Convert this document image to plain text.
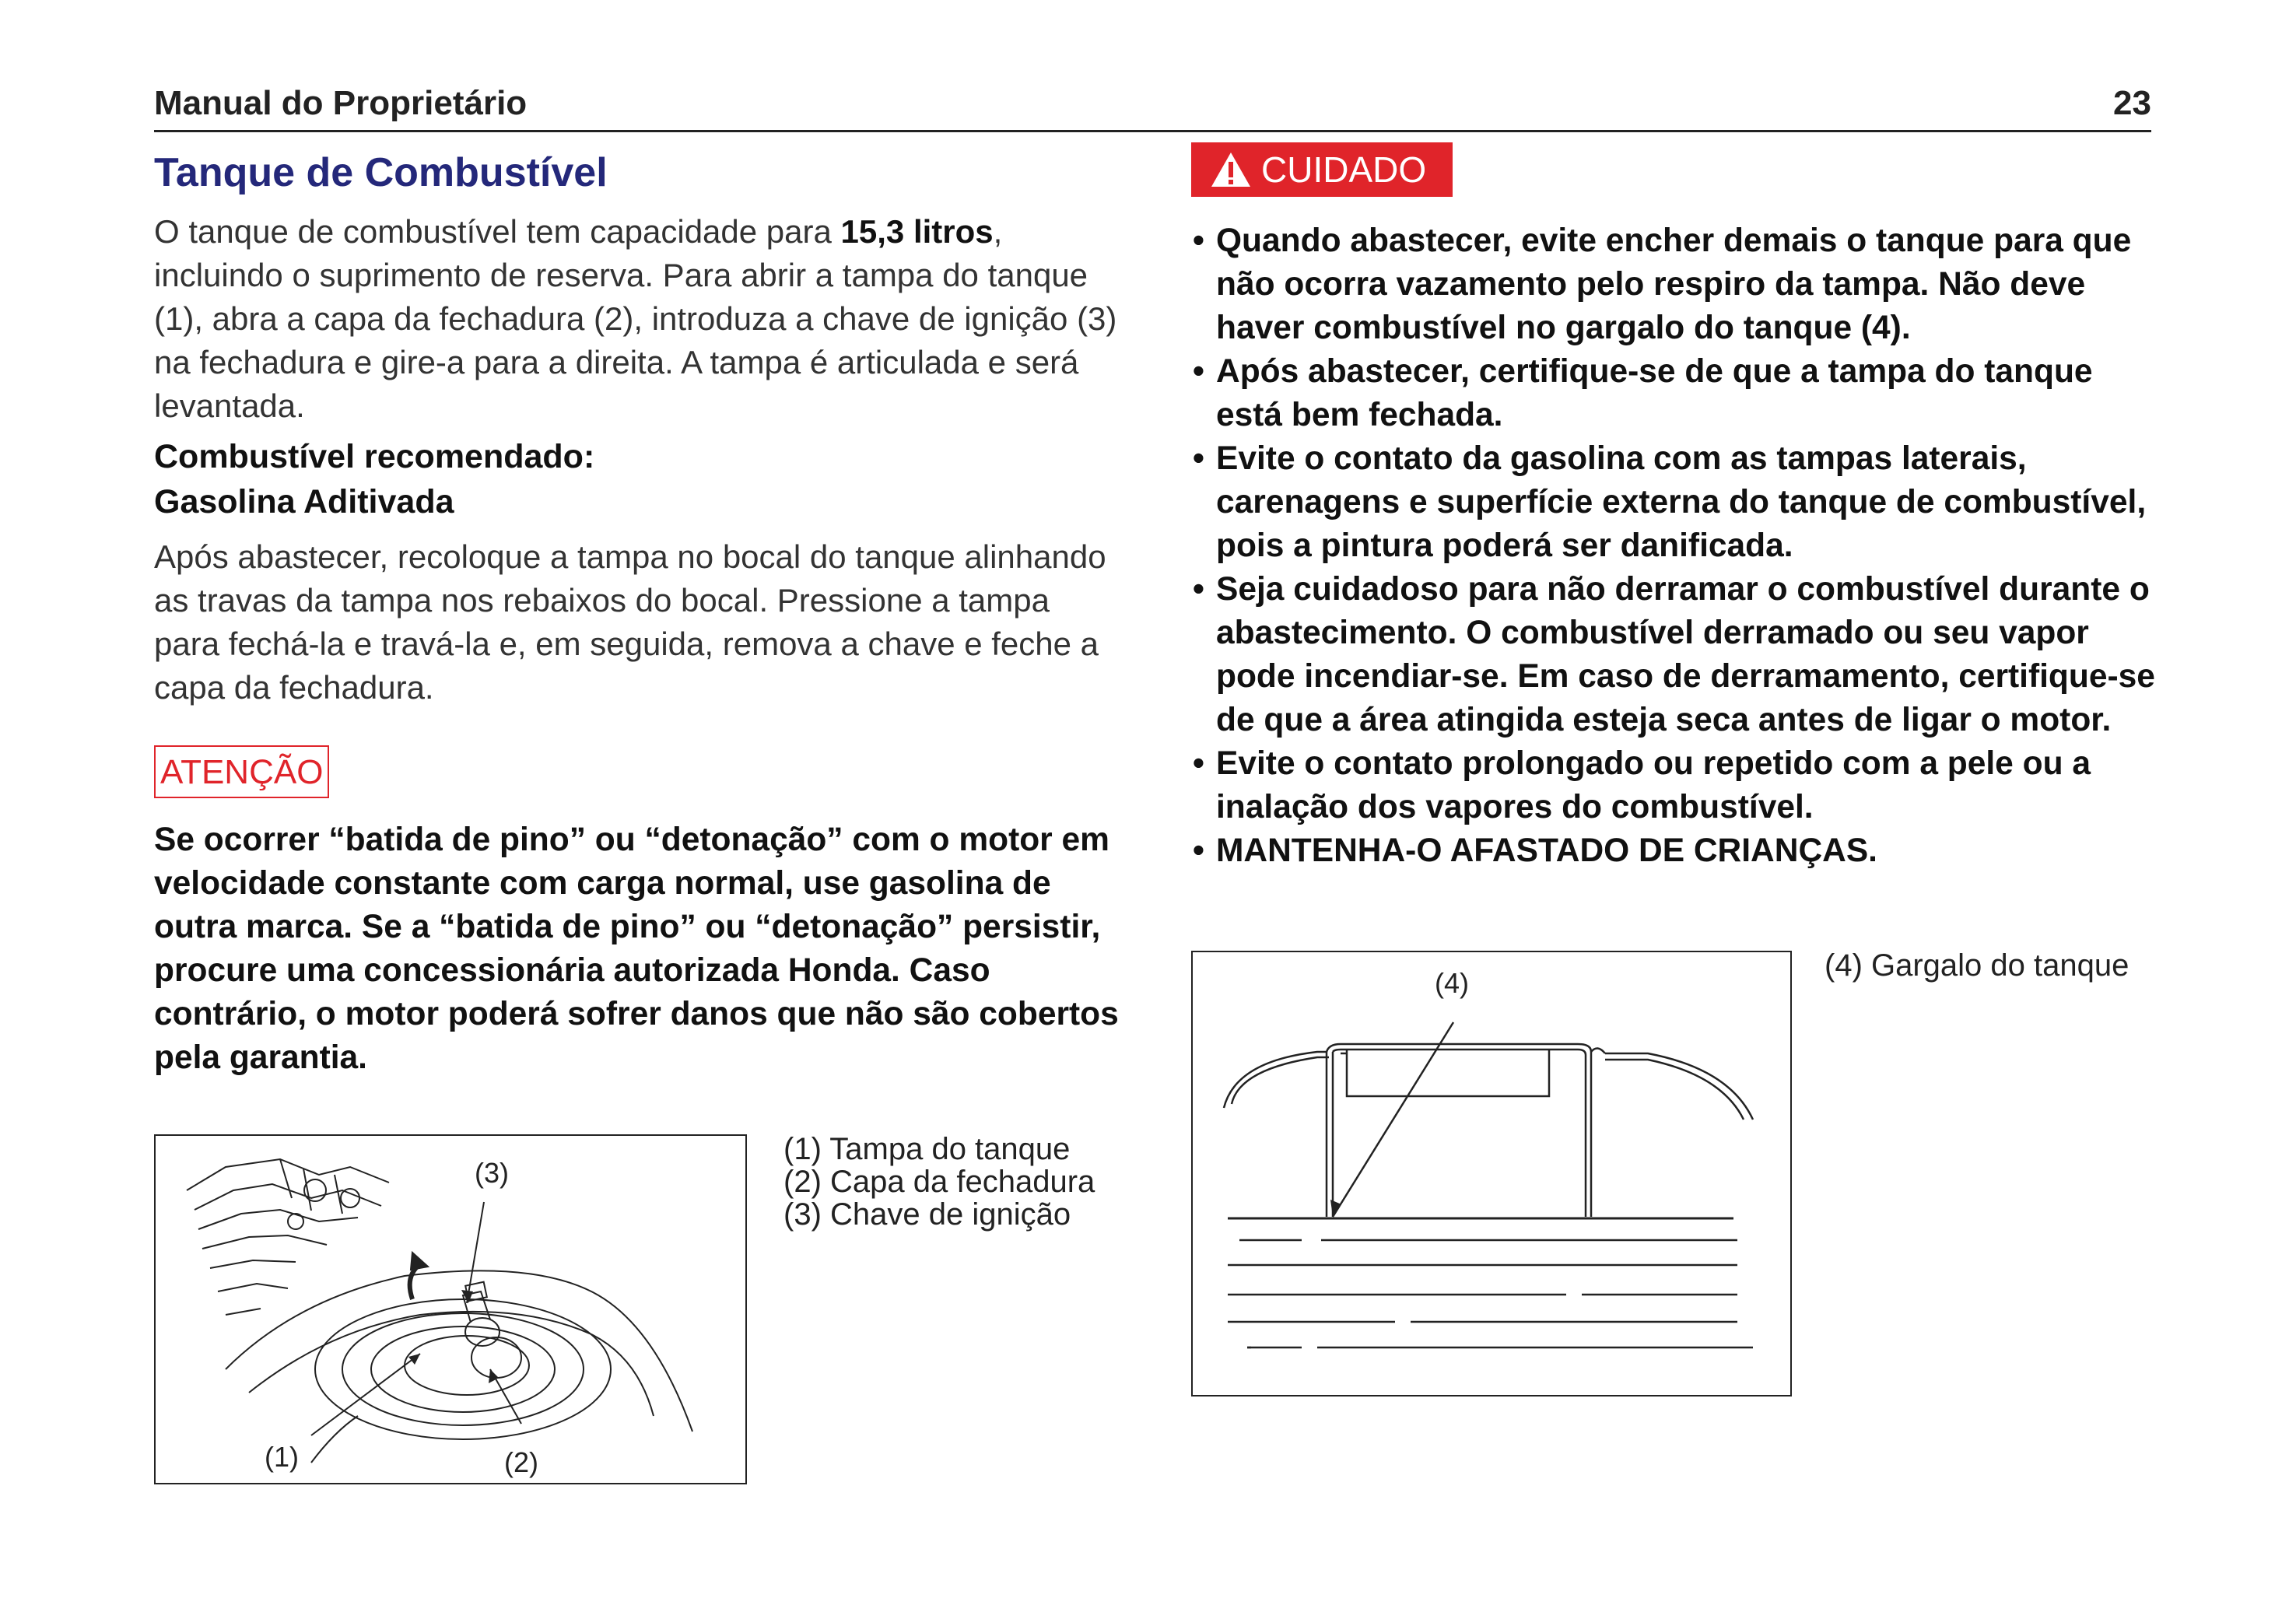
Manual do Proprietário	23
Tanque de Combustível
O tanque de combustível tem capacidade para 15,3 litros, incluindo o suprimento de reserva. Para abrir a tampa do tanque (1), abra a capa da fechadura (2), introduza a chave de ignição (3) na fechadura e gire-a para a direita. A tampa é articulada e será levantada.
Combustível recomendado:
Gasolina Aditivada
Após abastecer, recoloque a tampa no bocal do tanque alinhando as travas da tampa nos rebaixos do bocal. Pressione a tampa para fechá-la e travá-la e, em seguida, remova a chave e feche a capa da fechadura.
ATENÇÃO
Se ocorrer “batida de pino” ou “detonação” com o motor em velocidade constante com carga normal, use gasolina de outra marca. Se a “batida de pino” ou “detonação” persistir, procure uma concessionária autorizada Honda. Caso contrário, o motor poderá sofrer danos que não são cobertos pela garantia.
(3)
(1)	(2)
(1) Tampa do tanque
(2) Capa da fechadura
(3) Chave de ignição
CUIDADO
• Quando abastecer, evite encher demais o tanque para que não ocorra vazamento pelo respiro da tampa. Não deve haver combustível no gargalo do tanque (4).
• Após abastecer, certifique-se de que a tampa do tanque está bem fechada.
• Evite o contato da gasolina com as tampas laterais, carenagens e superfície externa do tanque de combustível, pois a pintura poderá ser danificada.
• Seja cuidadoso para não derramar o combustível durante o abastecimento. O combustível derramado ou seu vapor pode incendiar-se. Em caso de derramamento, certifique-se de que a área atingida esteja seca antes de ligar o motor.
• Evite o contato prolongado ou repetido com a pele ou a inalação dos vapores do combustível.
• MANTENHA-O AFASTADO DE CRIANÇAS.
(4)
(4) Gargalo do tanque
